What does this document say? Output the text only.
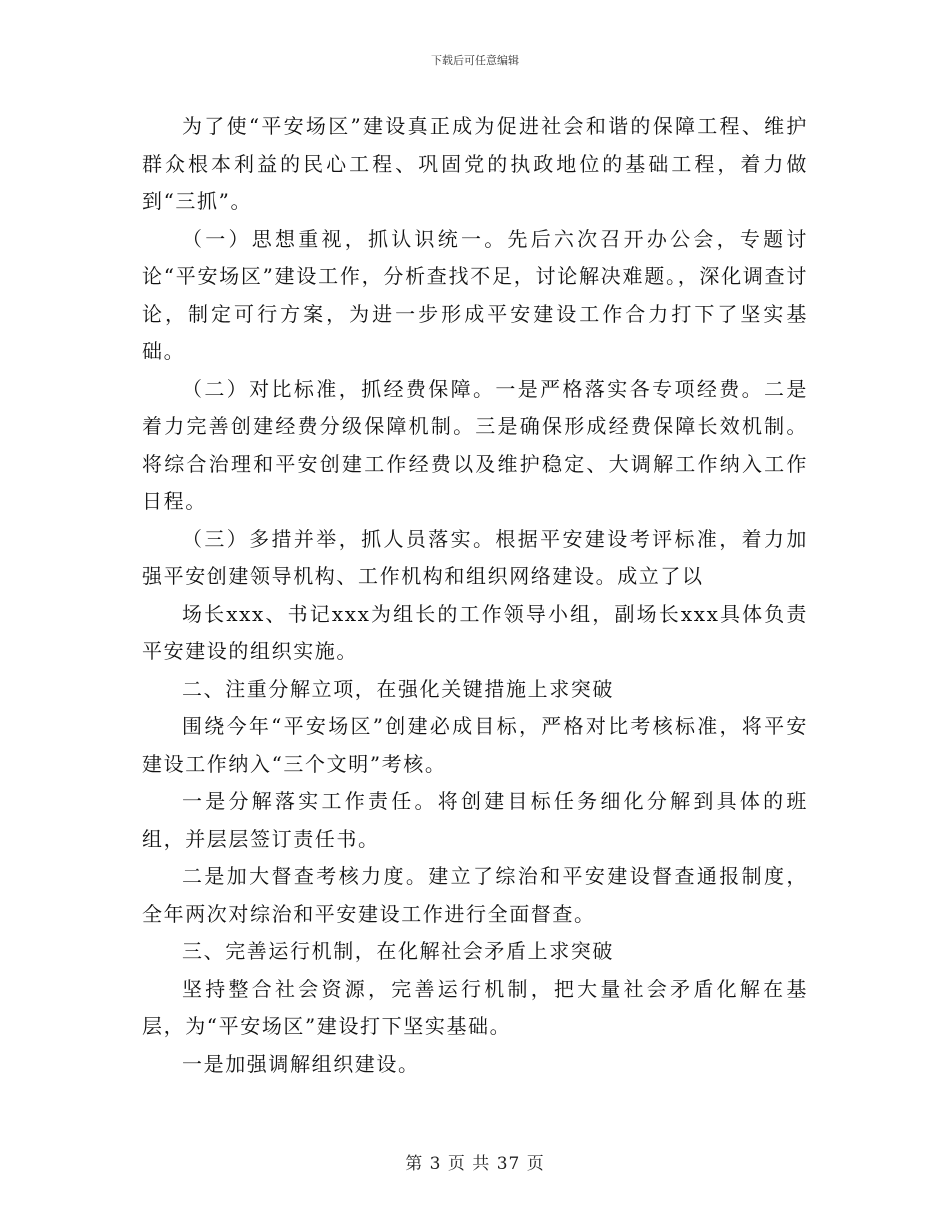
下载后可任意编辑

为了使“平安场区”建设真正成为促进社会和谐的保障工程、维护群众根本利益的民心工程、巩固党的执政地位的基础工程，着力做到“三抓”。

（一）思想重视，抓认识统一。先后六次召开办公会，专题讨论“平安场区”建设工作，分析查找不足，讨论解决难题。，深化调查讨论，制定可行方案，为进一步形成平安建设工作合力打下了坚实基础。

（二）对比标准，抓经费保障。一是严格落实各专项经费。二是着力完善创建经费分级保障机制。三是确保形成经费保障长效机制。将综合治理和平安创建工作经费以及维护稳定、大调解工作纳入工作日程。

（三）多措并举，抓人员落实。根据平安建设考评标准，着力加强平安创建领导机构、工作机构和组织网络建设。成立了以

场长xxx、书记xxx为组长的工作领导小组，副场长xxx具体负责平安建设的组织实施。

二、注重分解立项，在强化关键措施上求突破

围绕今年“平安场区”创建必成目标，严格对比考核标准，将平安建设工作纳入“三个文明”考核。

一是分解落实工作责任。将创建目标任务细化分解到具体的班组，并层层签订责任书。

二是加大督查考核力度。建立了综治和平安建设督查通报制度，全年两次对综治和平安建设工作进行全面督查。

三、完善运行机制，在化解社会矛盾上求突破

坚持整合社会资源，完善运行机制，把大量社会矛盾化解在基层，为“平安场区”建设打下坚实基础。

一是加强调解组织建设。

第 3 页 共 37 页
